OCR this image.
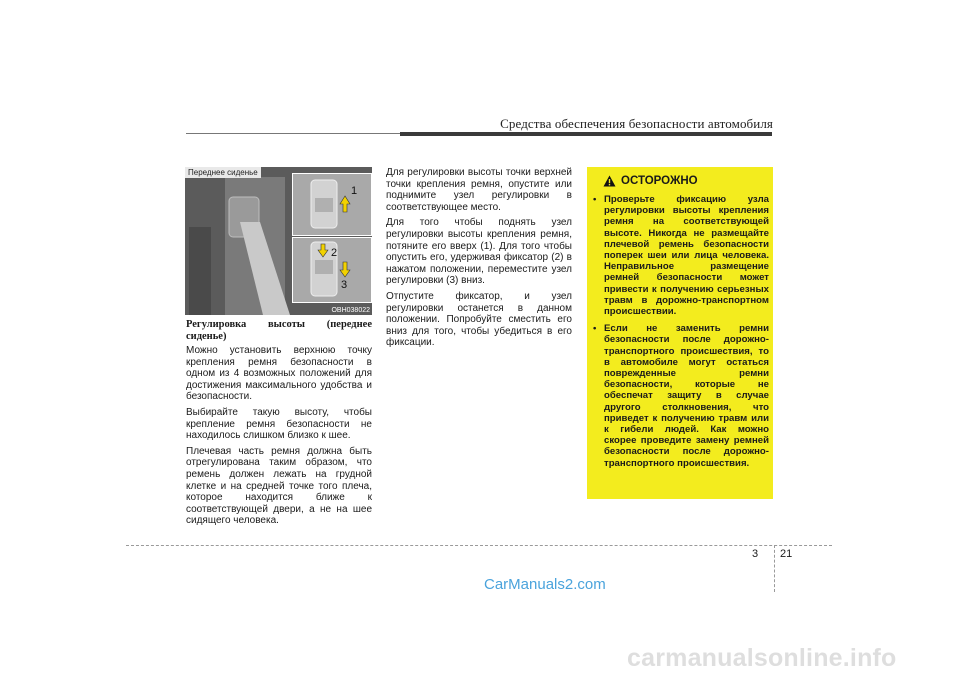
Средства обеспечения безопасности автомобиля
Переднее сиденье
1
2
3
OBH038022
Регулировка высоты (переднее сиденье)

Можно установить верхнюю точку крепления ремня безопасности в одном из 4 возможных положений для достижения максимального удобства и безопасности.

Выбирайте такую высоту, чтобы крепление ремня безопасности не находилось слишком близко к шее.

Плечевая часть ремня должна быть отрегулирована таким образом, что ремень должен лежать на грудной клетке и на средней точке того плеча, которое находится ближе к соответствующей двери, а не на шее сидящего человека.

Для регулировки высоты точки верхней точки крепления ремня, опустите или поднимите узел регулировки в соответствующее место.

Для того чтобы поднять узел регулировки высоты крепления ремня, потяните его вверх (1). Для того чтобы опустить его, удерживая фиксатор (2) в нажатом положении, переместите узел регулировки (3) вниз.

Отпустите фиксатор, и узел регулировки останется в данном положении. Попробуйте сместить его вниз для того, чтобы убедиться в его фиксации.

ОСТОРОЖНО
• Проверьте фиксацию узла регулировки высоты крепления ремня на соответствующей высоте. Никогда не размещайте плечевой ремень безопасности поперек шеи или лица человека. Неправильное размещение ремней безопасности может привести к получению серьезных травм в дорожно-транспортном происшествии.
• Если не заменить ремни безопасности после дорожно-транспортного происшествия, то в автомобиле могут остаться поврежденные ремни безопасности, которые не обеспечат защиту в случае другого столкновения, что приведет к получению травм или к гибели людей. Как можно скорее проведите замену ремней безопасности после дорожно-транспортного происшествия.
3 21
CarManuals2.com
carmanualsonline.info
